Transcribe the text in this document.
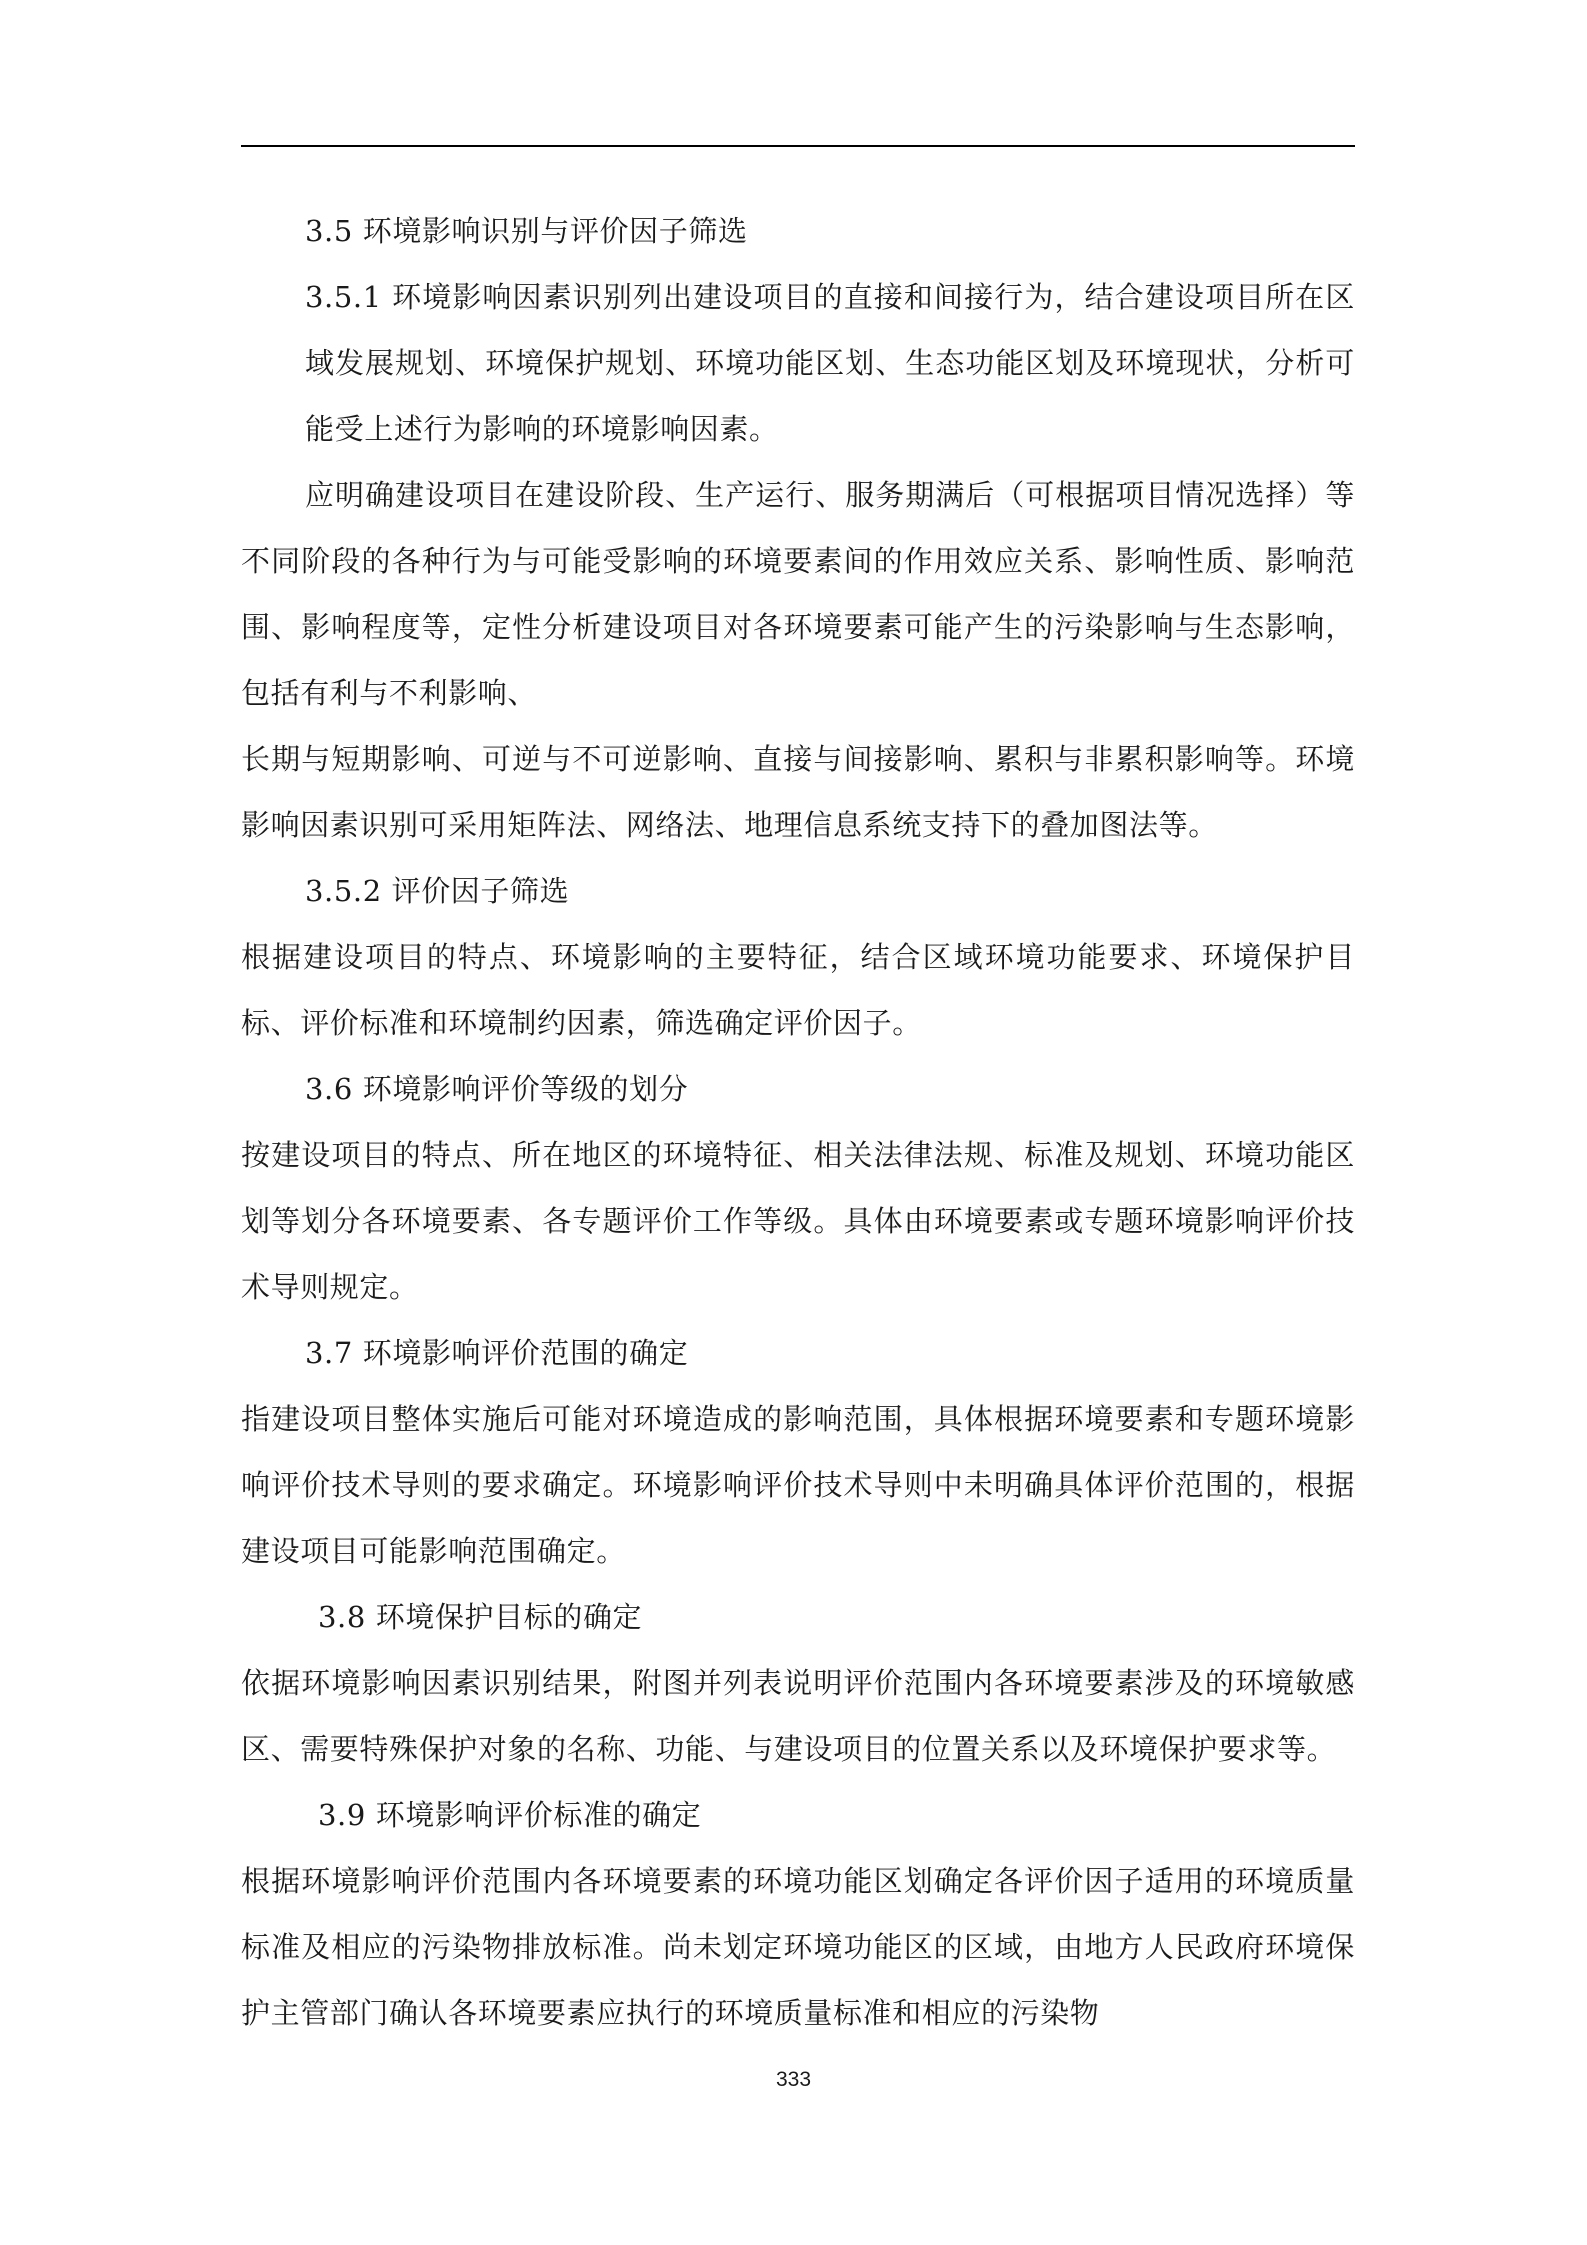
3.5 环境影响识别与评价因子筛选

3.5.1 环境影响因素识别列出建设项目的直接和间接行为，结合建设项目所在区域发展规划、环境保护规划、环境功能区划、生态功能区划及环境现状，分析可能受上述行为影响的环境影响因素。

应明确建设项目在建设阶段、生产运行、服务期满后（可根据项目情况选择）等不同阶段的各种行为与可能受影响的环境要素间的作用效应关系、影响性质、影响范围、影响程度等，定性分析建设项目对各环境要素可能产生的污染影响与生态影响，包括有利与不利影响、

长期与短期影响、可逆与不可逆影响、直接与间接影响、累积与非累积影响等。环境影响因素识别可采用矩阵法、网络法、地理信息系统支持下的叠加图法等。

3.5.2 评价因子筛选

根据建设项目的特点、环境影响的主要特征，结合区域环境功能要求、环境保护目标、评价标准和环境制约因素，筛选确定评价因子。

3.6 环境影响评价等级的划分

按建设项目的特点、所在地区的环境特征、相关法律法规、标准及规划、环境功能区划等划分各环境要素、各专题评价工作等级。具体由环境要素或专题环境影响评价技术导则规定。

3.7 环境影响评价范围的确定

指建设项目整体实施后可能对环境造成的影响范围，具体根据环境要素和专题环境影响评价技术导则的要求确定。环境影响评价技术导则中未明确具体评价范围的，根据建设项目可能影响范围确定。

3.8 环境保护目标的确定

依据环境影响因素识别结果，附图并列表说明评价范围内各环境要素涉及的环境敏感区、需要特殊保护对象的名称、功能、与建设项目的位置关系以及环境保护要求等。

3.9 环境影响评价标准的确定

根据环境影响评价范围内各环境要素的环境功能区划确定各评价因子适用的环境质量标准及相应的污染物排放标准。尚未划定环境功能区的区域，由地方人民政府环境保护主管部门确认各环境要素应执行的环境质量标准和相应的污染物

333
